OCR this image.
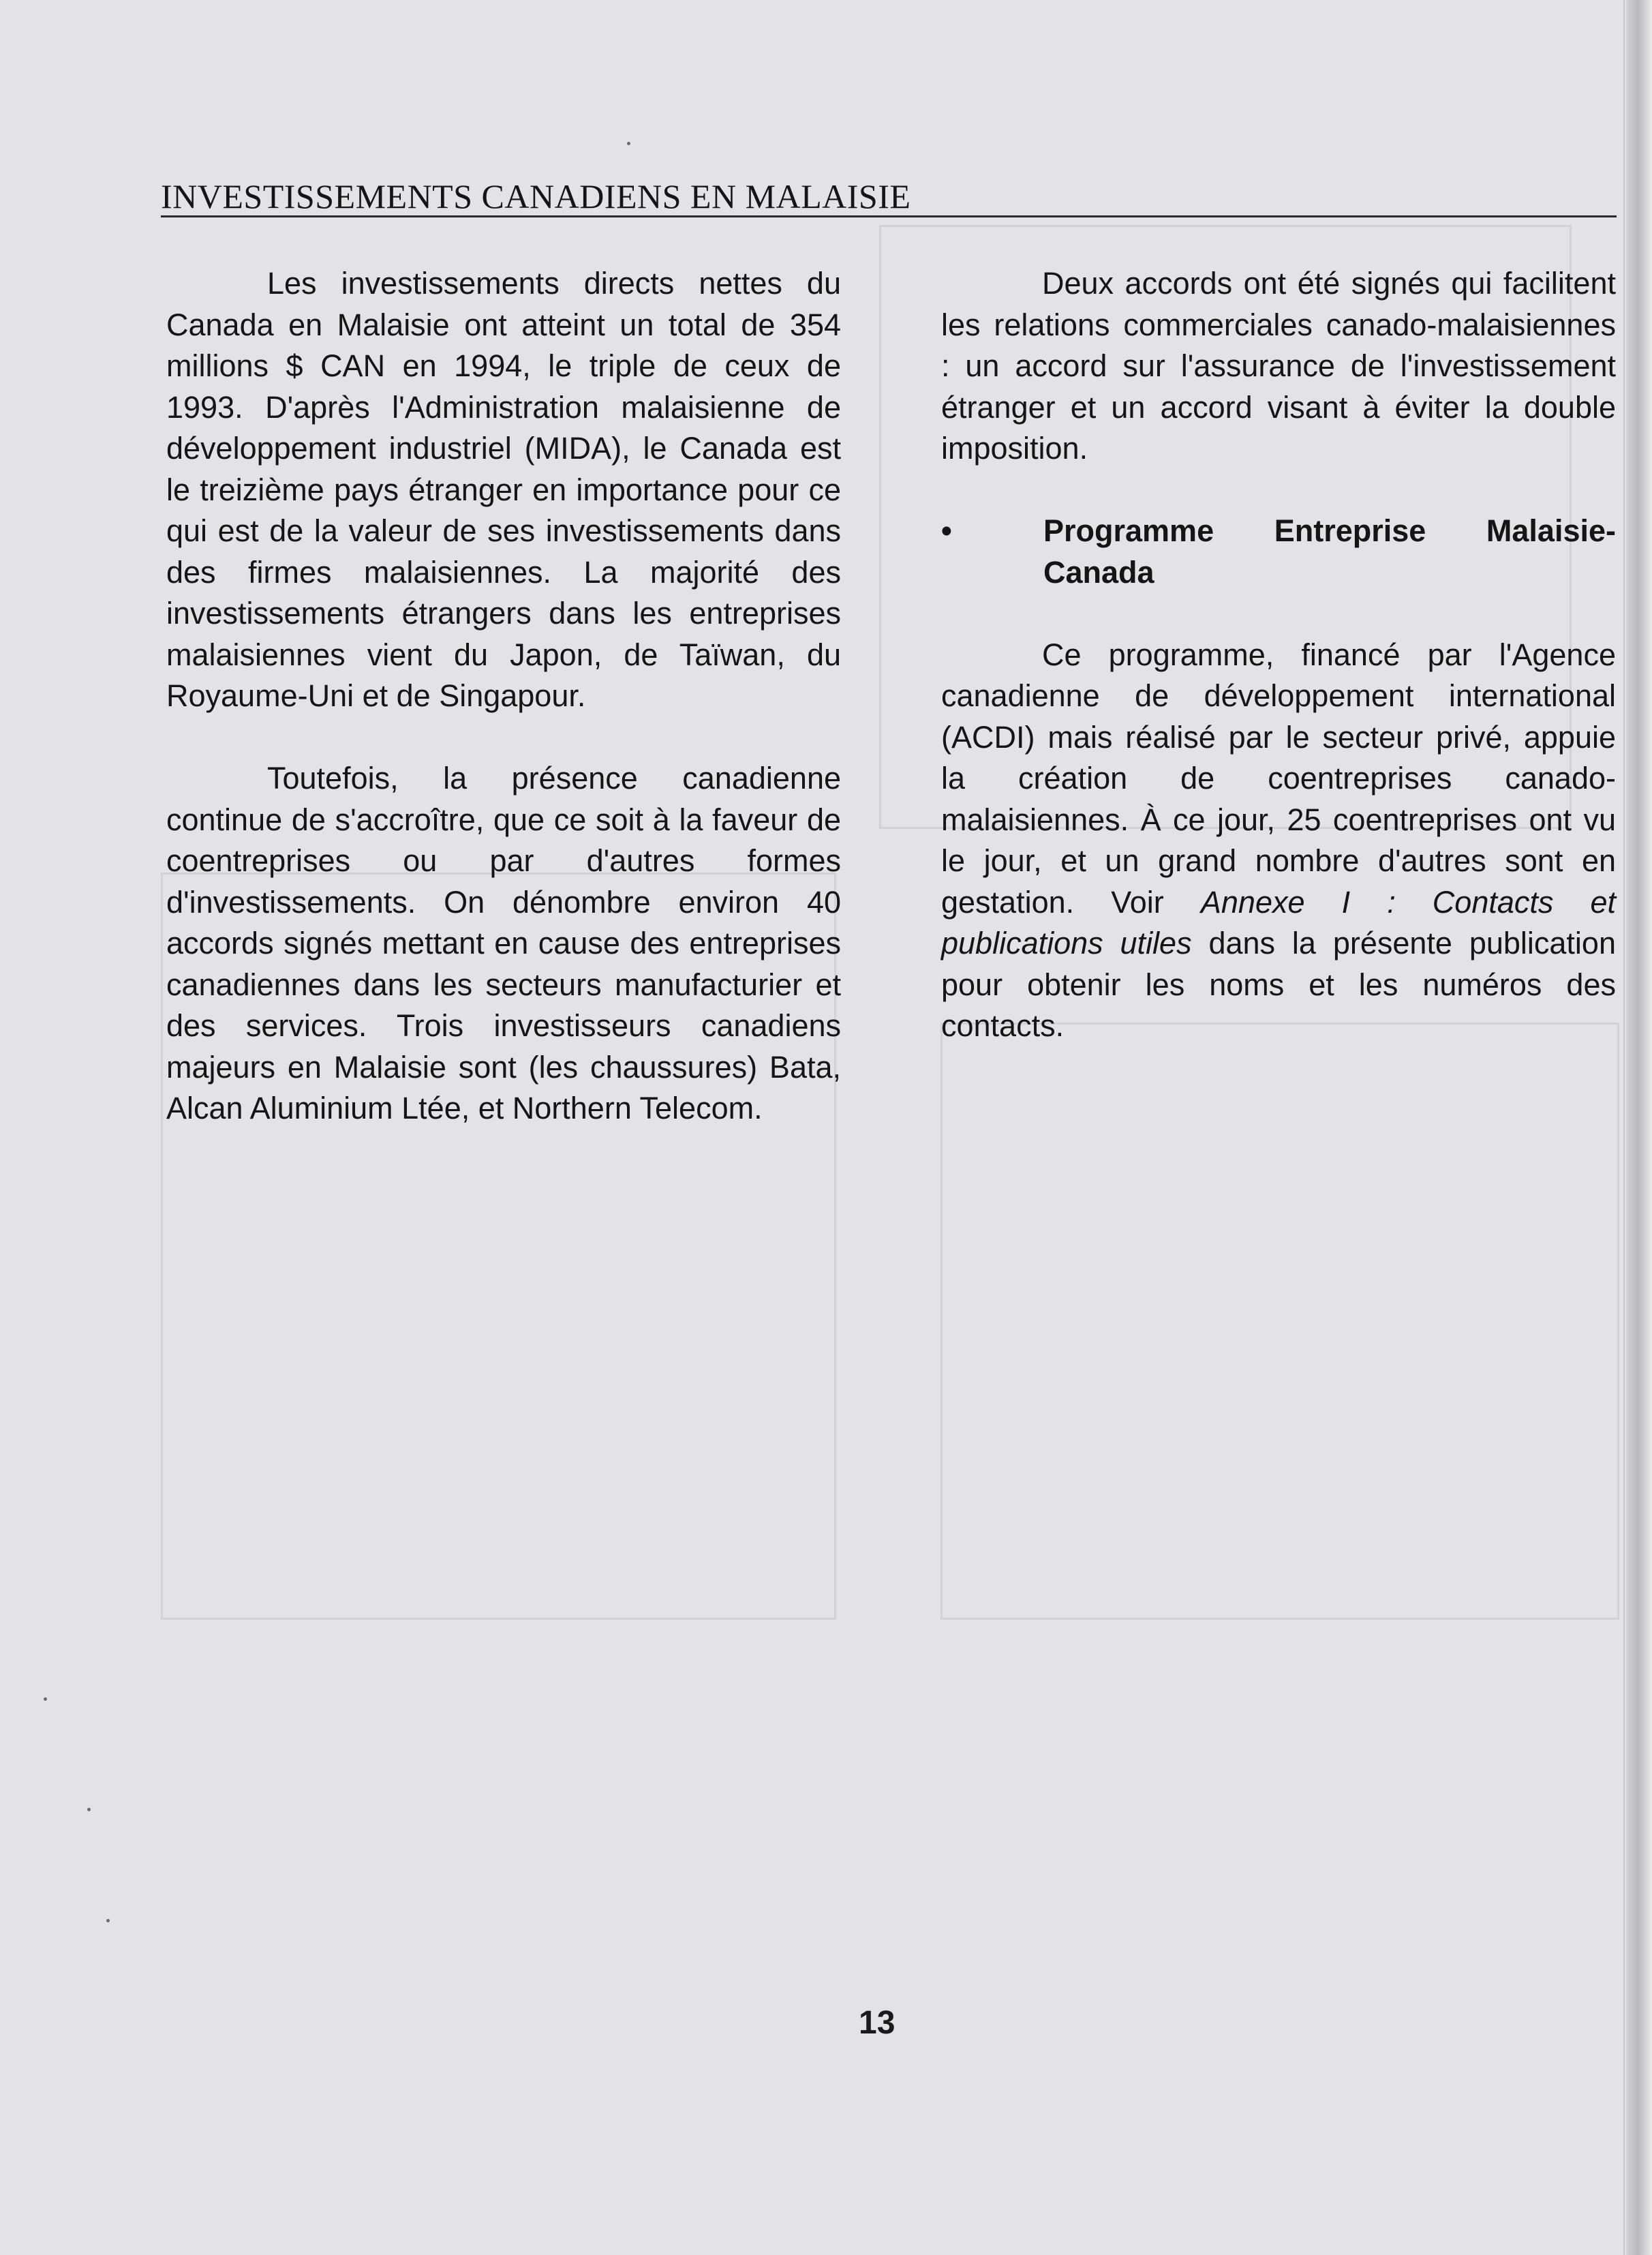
INVESTISSEMENTS CANADIENS EN MALAISIE

Les investissements directs nettes du Canada en Malaisie ont atteint un total de 354 millions $ CAN en 1994, le triple de ceux de 1993. D'après l'Administration malaisienne de développement industriel (MIDA), le Canada est le treizième pays étranger en importance pour ce qui est de la valeur de ses investissements dans des firmes malaisiennes. La majorité des investissements étrangers dans les entreprises malaisiennes vient du Japon, de Taïwan, du Royaume-Uni et de Singapour.

Toutefois, la présence canadienne continue de s'accroître, que ce soit à la faveur de coentreprises ou par d'autres formes d'investissements. On dénombre environ 40 accords signés mettant en cause des entreprises canadiennes dans les secteurs manufacturier et des services. Trois investisseurs canadiens majeurs en Malaisie sont (les chaussures) Bata, Alcan Aluminium Ltée, et Northern Telecom.

Deux accords ont été signés qui facilitent les relations commerciales canado-malaisiennes : un accord sur l'assurance de l'investissement étranger et un accord visant à éviter la double imposition.

•	Programme Entreprise Malaisie-
Canada

Ce programme, financé par l'Agence canadienne de développement international (ACDI) mais réalisé par le secteur privé, appuie la création de coentreprises canado-malaisiennes. À ce jour, 25 coentreprises ont vu le jour, et un grand nombre d'autres sont en gestation. Voir Annexe I : Contacts et publications utiles dans la présente publication pour obtenir les noms et les numéros des contacts.

13
